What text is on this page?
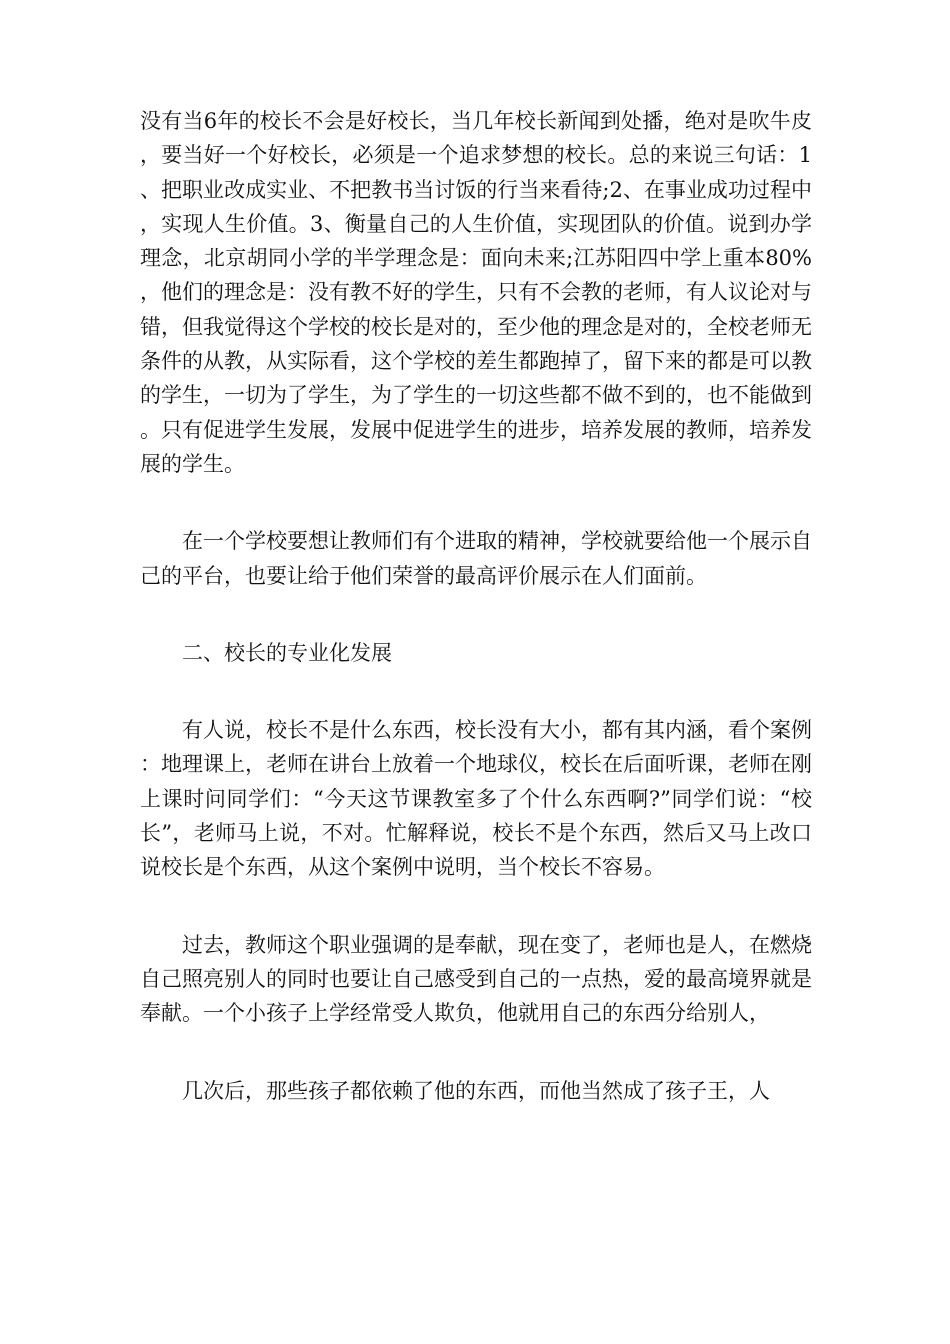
没有当6年的校长不会是好校长，当几年校长新闻到处播，绝对是吹牛皮，要当好一个好校长，必须是一个追求梦想的校长。总的来说三句话：1、把职业改成实业、不把教书当讨饭的行当来看待;2、在事业成功过程中，实现人生价值。3、衡量自己的人生价值，实现团队的价值。说到办学理念，北京胡同小学的半学理念是：面向未来;江苏阳四中学上重本80%，他们的理念是：没有教不好的学生，只有不会教的老师，有人议论对与错，但我觉得这个学校的校长是对的，至少他的理念是对的，全校老师无条件的从教，从实际看，这个学校的差生都跑掉了，留下来的都是可以教的学生，一切为了学生，为了学生的一切这些都不做不到的，也不能做到。只有促进学生发展，发展中促进学生的进步，培养发展的教师，培养发展的学生。

在一个学校要想让教师们有个进取的精神，学校就要给他一个展示自己的平台，也要让给于他们荣誉的最高评价展示在人们面前。

二、校长的专业化发展

有人说，校长不是什么东西，校长没有大小，都有其内涵，看个案例：地理课上，老师在讲台上放着一个地球仪，校长在后面听课，老师在刚上课时问同学们：“今天这节课教室多了个什么东西啊?”同学们说：“校长”，老师马上说，不对。忙解释说，校长不是个东西，然后又马上改口说校长是个东西，从这个案例中说明，当个校长不容易。

过去，教师这个职业强调的是奉献，现在变了，老师也是人，在燃烧自己照亮别人的同时也要让自己感受到自己的一点热，爱的最高境界就是奉献。一个小孩子上学经常受人欺负，他就用自己的东西分给别人，

几次后，那些孩子都依赖了他的东西，而他当然成了孩子王，人
